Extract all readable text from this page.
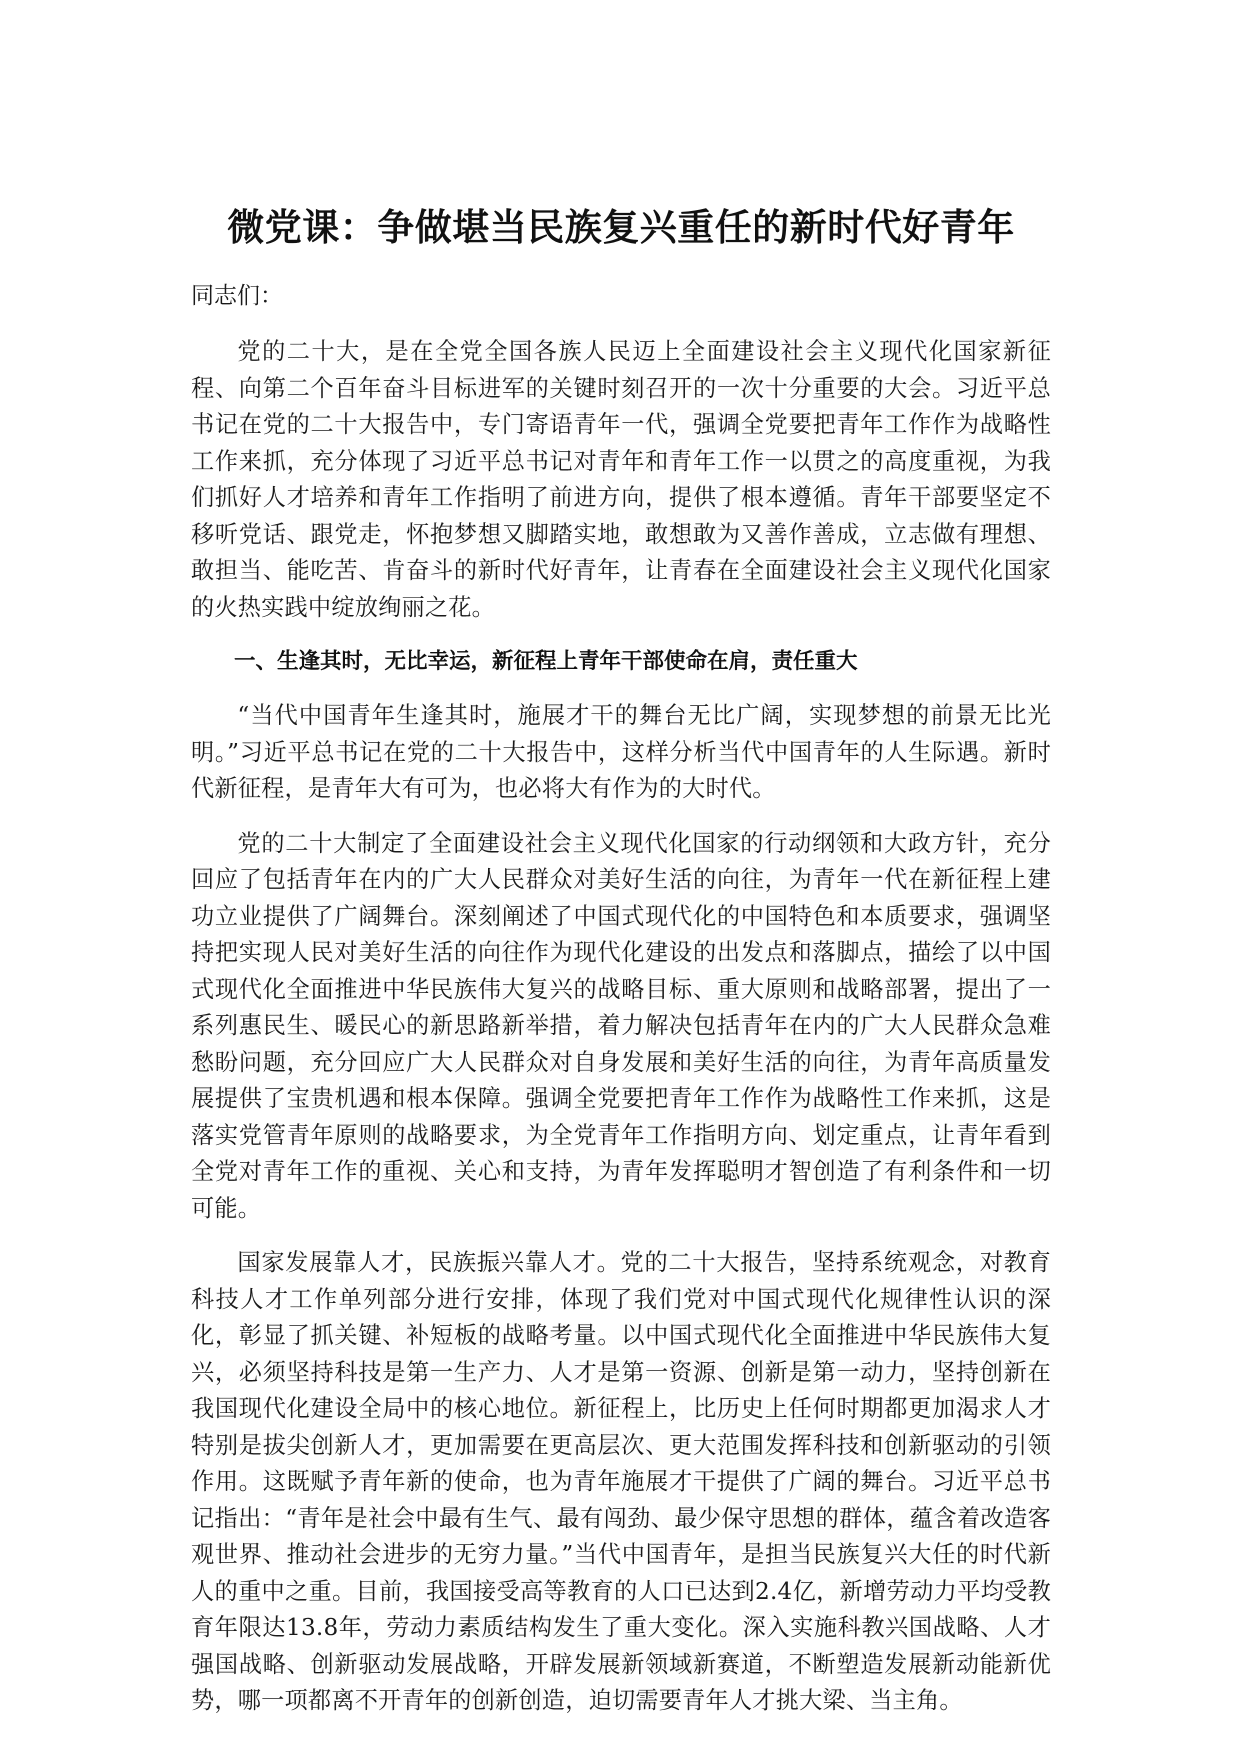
微党课：争做堪当民族复兴重任的新时代好青年

同志们：

党的二十大，是在全党全国各族人民迈上全面建设社会主义现代化国家新征程、向第二个百年奋斗目标进军的关键时刻召开的一次十分重要的大会。习近平总书记在党的二十大报告中，专门寄语青年一代，强调全党要把青年工作作为战略性工作来抓，充分体现了习近平总书记对青年和青年工作一以贯之的高度重视，为我们抓好人才培养和青年工作指明了前进方向，提供了根本遵循。青年干部要坚定不移听党话、跟党走，怀抱梦想又脚踏实地，敢想敢为又善作善成，立志做有理想、敢担当、能吃苦、肯奋斗的新时代好青年，让青春在全面建设社会主义现代化国家的火热实践中绽放绚丽之花。

一、生逢其时，无比幸运，新征程上青年干部使命在肩，责任重大

“当代中国青年生逢其时，施展才干的舞台无比广阔，实现梦想的前景无比光明。”习近平总书记在党的二十大报告中，这样分析当代中国青年的人生际遇。新时代新征程，是青年大有可为，也必将大有作为的大时代。

党的二十大制定了全面建设社会主义现代化国家的行动纲领和大政方针，充分回应了包括青年在内的广大人民群众对美好生活的向往，为青年一代在新征程上建功立业提供了广阔舞台。深刻阐述了中国式现代化的中国特色和本质要求，强调坚持把实现人民对美好生活的向往作为现代化建设的出发点和落脚点，描绘了以中国式现代化全面推进中华民族伟大复兴的战略目标、重大原则和战略部署，提出了一系列惠民生、暖民心的新思路新举措，着力解决包括青年在内的广大人民群众急难愁盼问题，充分回应广大人民群众对自身发展和美好生活的向往，为青年高质量发展提供了宝贵机遇和根本保障。强调全党要把青年工作作为战略性工作来抓，这是落实党管青年原则的战略要求，为全党青年工作指明方向、划定重点，让青年看到全党对青年工作的重视、关心和支持，为青年发挥聪明才智创造了有利条件和一切可能。

国家发展靠人才，民族振兴靠人才。党的二十大报告，坚持系统观念，对教育科技人才工作单列部分进行安排，体现了我们党对中国式现代化规律性认识的深化，彰显了抓关键、补短板的战略考量。以中国式现代化全面推进中华民族伟大复兴，必须坚持科技是第一生产力、人才是第一资源、创新是第一动力，坚持创新在我国现代化建设全局中的核心地位。新征程上，比历史上任何时期都更加渴求人才特别是拔尖创新人才，更加需要在更高层次、更大范围发挥科技和创新驱动的引领作用。这既赋予青年新的使命，也为青年施展才干提供了广阔的舞台。习近平总书记指出：“青年是社会中最有生气、最有闯劲、最少保守思想的群体，蕴含着改造客观世界、推动社会进步的无穷力量。”当代中国青年，是担当民族复兴大任的时代新人的重中之重。目前，我国接受高等教育的人口已达到2.4亿，新增劳动力平均受教育年限达13.8年，劳动力素质结构发生了重大变化。深入实施科教兴国战略、人才强国战略、创新驱动发展战略，开辟发展新领域新赛道，不断塑造发展新动能新优势，哪一项都离不开青年的创新创造，迫切需要青年人才挑大梁、当主角。
